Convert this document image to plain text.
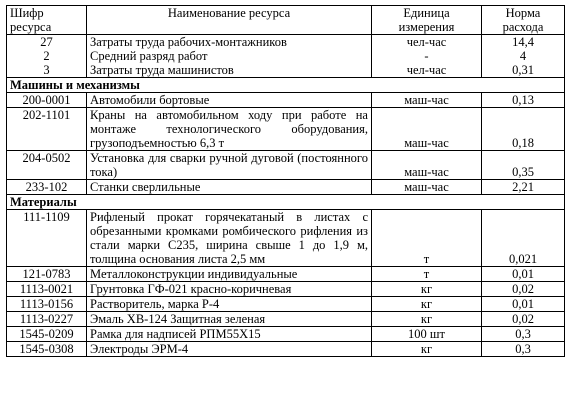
Шифр ресурса	Наименование ресурса	Единица измерения	Норма расхода
27	Затраты труда рабочих-монтажников	чел-час	14,4
2	Средний разряд работ	-	4
3	Затраты труда машинистов	чел-час	0,31
Машины и механизмы			
200-0001	Автомобили бортовые	маш-час	0,13
202-1101	Краны на автомобильном ходу при работе на монтаже технологического оборудования, грузоподъемностью 6,3 т	маш-час	0,18
204-0502	Установка для сварки ручной дуговой (постоянного тока)	маш-час	0,35
233-102	Станки сверлильные	маш-час	2,21
Материалы			
111-1109	Рифленый прокат горячекатаный в листах с обрезанными кромками ромбического рифления из стали марки С235, ширина свыше 1 до 1,9 м, толщина основания листа 2,5 мм	т	0,021
121-0783	Металлоконструкции индивидуальные	т	0,01
1113-0021	Грунтовка ГФ-021 красно-коричневая	кг	0,02
1113-0156	Растворитель, марка Р-4	кг	0,01
1113-0227	Эмаль ХВ-124 Защитная зеленая	кг	0,02
1545-0209	Рамка для надписей РПМ55Х15	100 шт	0,3
1545-0308	Электроды ЭРМ-4	кг	0,3
